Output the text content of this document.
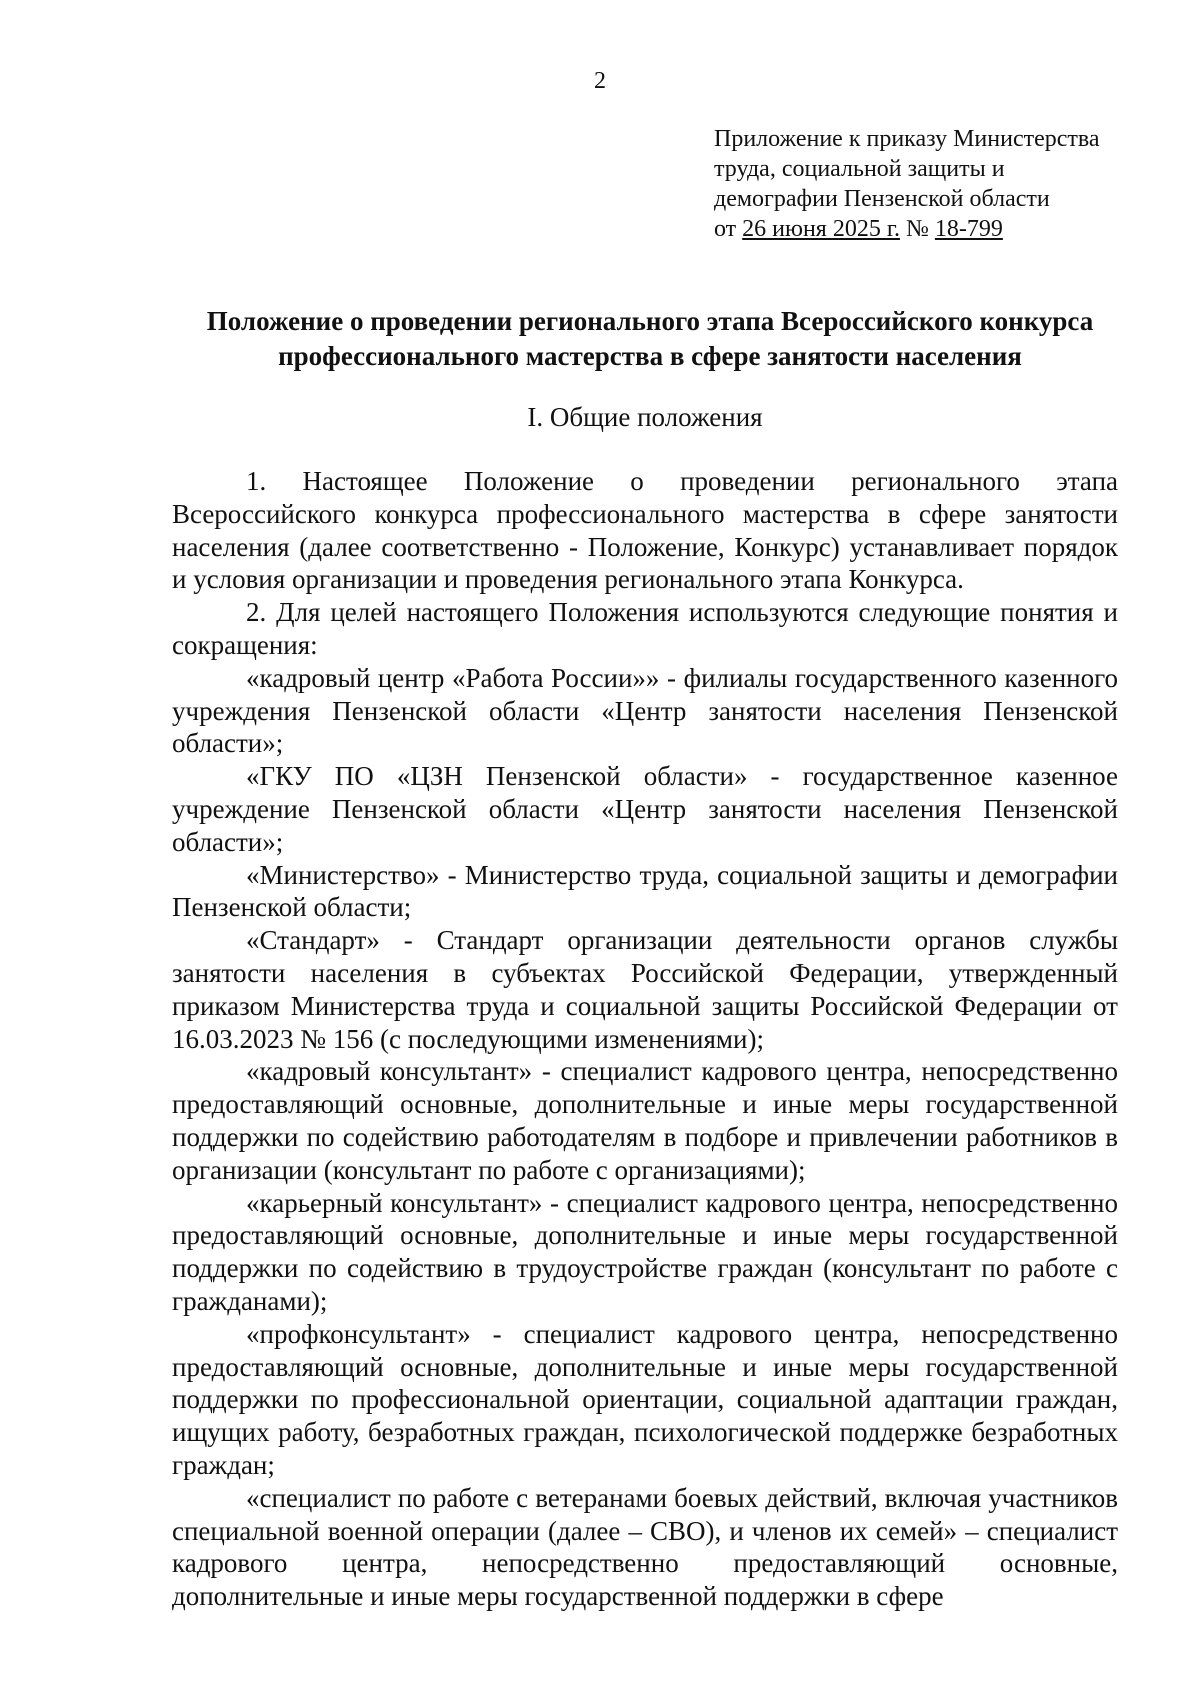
2
Приложение к приказу Министерства
труда, социальной защиты и
демографии Пензенской области
от 26 июня 2025 г. № 18-799
Положение о проведении регионального этапа Всероссийского конкурса
профессионального мастерства в сфере занятости населения
I. Общие положения

1. Настоящее Положение о проведении регионального этапа Всероссийского конкурса профессионального мастерства в сфере занятости населения (далее соответственно - Положение, Конкурс) устанавливает порядок и условия организации и проведения регионального этапа Конкурса.

2. Для целей настоящего Положения используются следующие понятия и сокращения:

«кадровый центр «Работа России»» - филиалы государственного казенного учреждения Пензенской области «Центр занятости населения Пензенской области»;

«ГКУ ПО «ЦЗН Пензенской области» - государственное казенное учреждение Пензенской области «Центр занятости населения Пензенской области»;

«Министерство» - Министерство труда, социальной защиты и демографии Пензенской области;

«Стандарт» - Стандарт организации деятельности органов службы занятости населения в субъектах Российской Федерации, утвержденный приказом Министерства труда и социальной защиты Российской Федерации от 16.03.2023 № 156 (с последующими изменениями);

«кадровый консультант» - специалист кадрового центра, непосредственно предоставляющий основные, дополнительные и иные меры государственной поддержки по содействию работодателям в подборе и привлечении работников в организации (консультант по работе с организациями);

«карьерный консультант» - специалист кадрового центра, непосредственно предоставляющий основные, дополнительные и иные меры государственной поддержки по содействию в трудоустройстве граждан (консультант по работе с гражданами);

«профконсультант» - специалист кадрового центра, непосредственно предоставляющий основные, дополнительные и иные меры государственной поддержки по профессиональной ориентации, социальной адаптации граждан, ищущих работу, безработных граждан, психологической поддержке безработных граждан;

«специалист по работе с ветеранами боевых действий, включая участников специальной военной операции (далее – СВО), и членов их семей» – специалист кадрового центра, непосредственно предоставляющий основные, дополнительные и иные меры государственной поддержки в сфере
